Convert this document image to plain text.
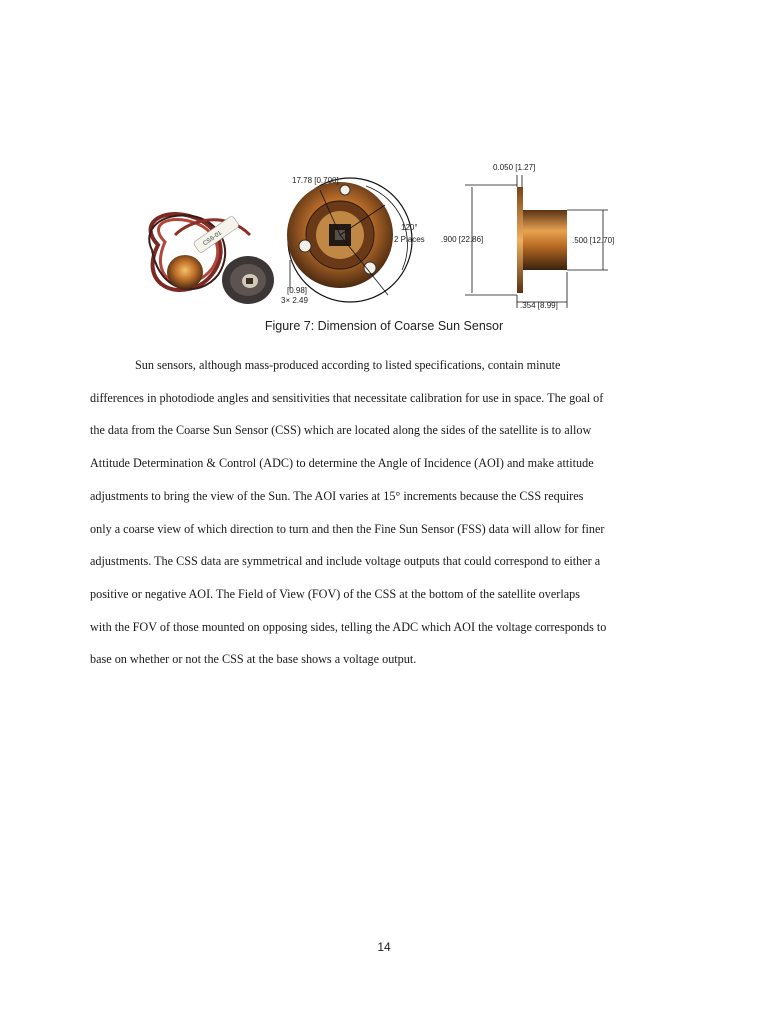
CSS-01
17.78 [0.700]
120°
2 Places
[0.98]
3× 2.49
0.050 [1.27]
.900 [22.86]	.500 [12.70]
.354 [8.99]
Figure 7: Dimension of Coarse Sun Sensor

Sun sensors, although mass-produced according to listed specifications, contain minute

differences in photodiode angles and sensitivities that necessitate calibration for use in space. The goal of

the data from the Coarse Sun Sensor (CSS) which are located along the sides of the satellite is to allow

Attitude Determination & Control (ADC) to determine the Angle of Incidence (AOI) and make attitude

adjustments to bring the view of the Sun. The AOI varies at 15° increments because the CSS requires

only a coarse view of which direction to turn and then the Fine Sun Sensor (FSS) data will allow for finer

adjustments. The CSS data are symmetrical and include voltage outputs that could correspond to either a

positive or negative AOI. The Field of View (FOV) of the CSS at the bottom of the satellite overlaps

with the FOV of those mounted on opposing sides, telling the ADC which AOI the voltage corresponds to

base on whether or not the CSS at the base shows a voltage output.

14
